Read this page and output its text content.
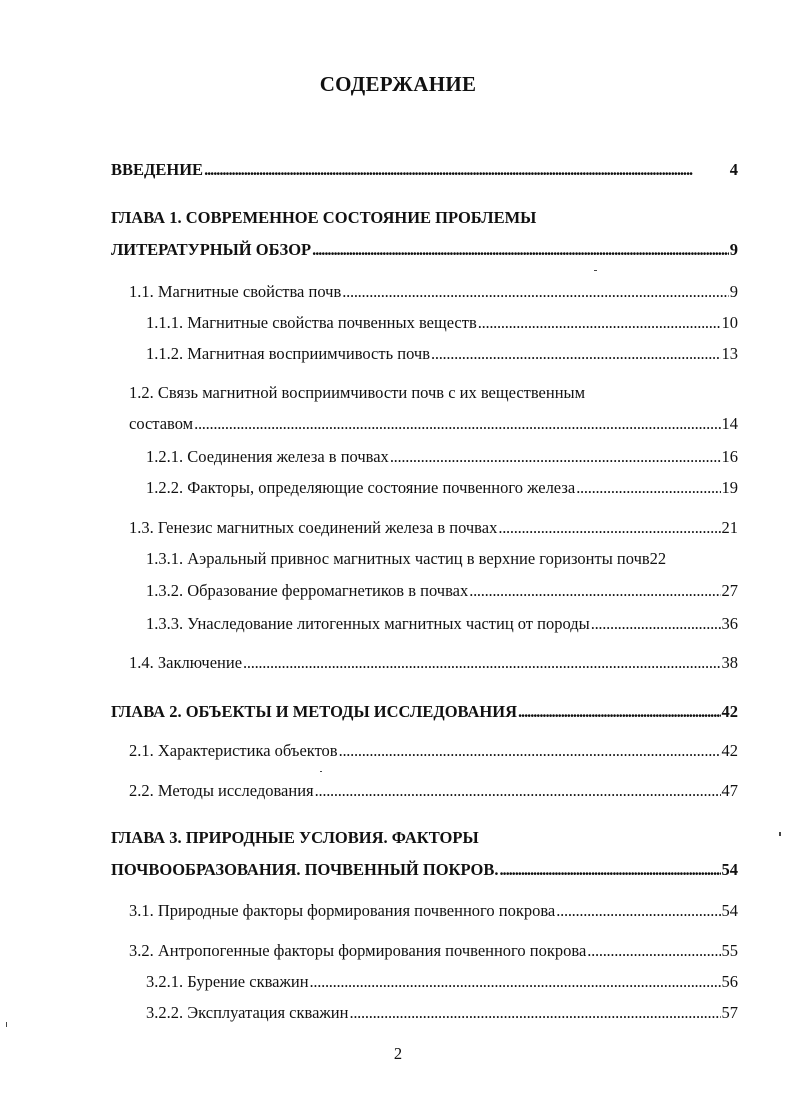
СОДЕРЖАНИЕ
ВВЕДЕНИЕ . . .	4
ГЛАВА 1. СОВРЕМЕННОЕ СОСТОЯНИЕ ПРОБЛЕМЫ
ЛИТЕРАТУРНЫЙ ОБЗОР . . .	9
1.1. Магнитные свойства почв . . .	9
1.1.1. Магнитные свойства почвенных веществ . . .	10
1.1.2. Магнитная восприимчивость почв . . .	13
1.2. Связь магнитной восприимчивости почв с их вещественным
составом . . .	14
1.2.1. Соединения железа в почвах . . .	16
1.2.2. Факторы, определяющие состояние почвенного железа . . .	19
1.3. Генезис магнитных соединений железа в почвах . . .	21
1.3.1. Аэральный привнос магнитных частиц в верхние горизонты почв 22
1.3.2. Образование ферромагнетиков в почвах . . .	27
1.3.3. Унаследование литогенных магнитных частиц от породы . . .	36
1.4. Заключение . . .	38
ГЛАВА 2. ОБЪЕКТЫ И МЕТОДЫ ИССЛЕДОВАНИЯ . . .	42
2.1. Характеристика объектов . . .	42
2.2. Методы исследования . . .	47
ГЛАВА 3. ПРИРОДНЫЕ УСЛОВИЯ. ФАКТОРЫ
ПОЧВООБРАЗОВАНИЯ. ПОЧВЕННЫЙ ПОКРОВ. . . .	54
3.1. Природные факторы формирования почвенного покрова . . .	54
3.2. Антропогенные факторы формирования почвенного покрова . . .	55
3.2.1. Бурение скважин . . .	56
3.2.2. Эксплуатация скважин . . .	57
2
